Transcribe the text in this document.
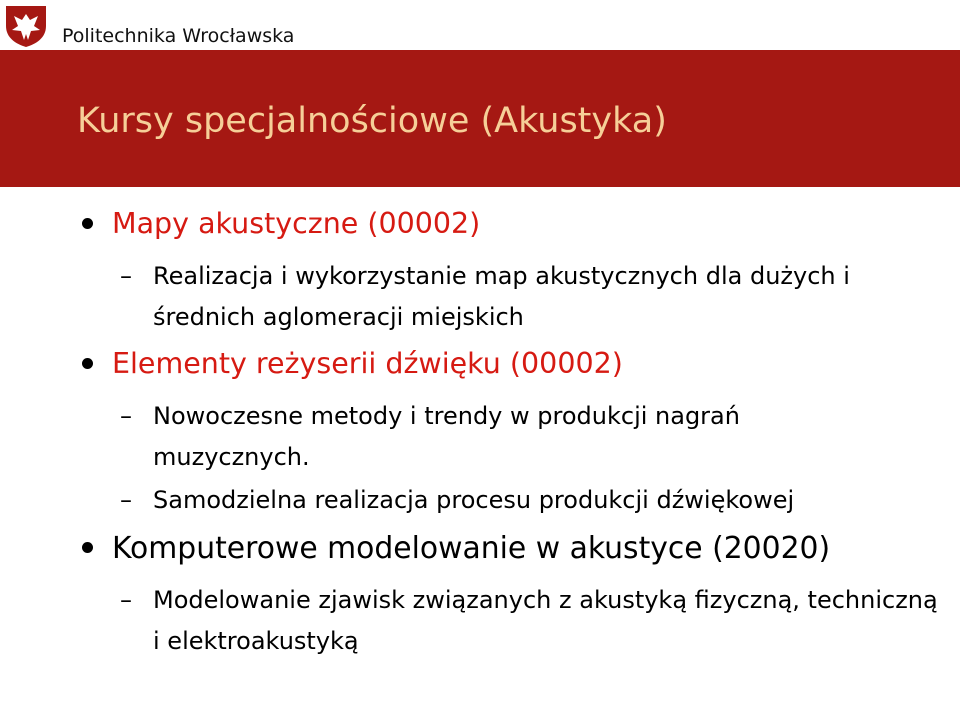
Politechnika Wrocławska
Kursy specjalnościowe (Akustyka)
Mapy akustyczne (00002)
– Realizacja i wykorzystanie map akustycznych dla dużych i średnich aglomeracji miejskich
Elementy reżyserii dźwięku (00002)
– Nowoczesne metody i trendy w produkcji nagrań muzycznych.
– Samodzielna realizacja procesu produkcji dźwiękowej
Komputerowe modelowanie w akustyce (20020)
– Modelowanie zjawisk związanych z akustyką fizyczną, techniczną i elektroakustyką
